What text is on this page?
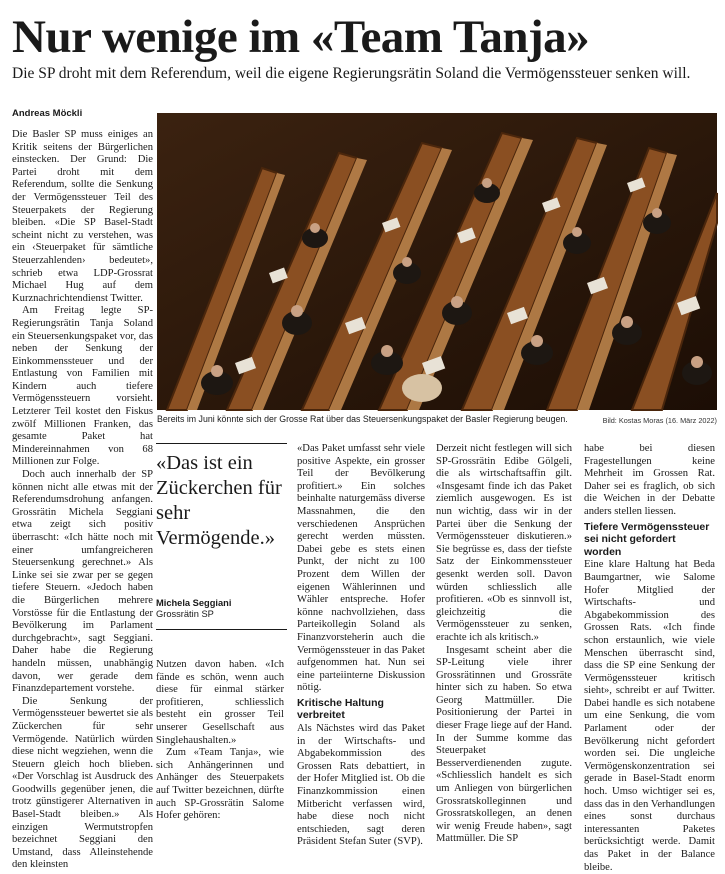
Nur wenige im «Team Tanja»
Die SP droht mit dem Referendum, weil die eigene Regierungsrätin Soland die Vermögenssteuer senken will.
Andreas Möckli

Die Basler SP muss einiges an Kritik seitens der Bürgerlichen einstecken. Der Grund: Die Partei droht mit dem Referendum, sollte die Senkung der Vermögenssteuer Teil des Steuerpakets der Regierung bleiben. «Die SP Basel-Stadt scheint nicht zu verstehen, was ein ‹Steuerpaket für sämtliche Steuerzahlenden› bedeutet», schrieb etwa LDP-Grossrat Michael Hug auf dem Kurznachrichtendienst Twitter.

Am Freitag legte SP-Regierungsrätin Tanja Soland ein Steuersenkungspaket vor, das neben der Senkung der Einkommenssteuer und der Entlastung von Familien mit Kindern auch tiefere Vermögenssteuern vorsieht. Letzterer Teil kostet den Fiskus zwölf Millionen Franken, das gesamte Paket hat Mindereinnahmen von 68 Millionen zur Folge.

Doch auch innerhalb der SP können nicht alle etwas mit der Referendumsdrohung anfangen. Grossrätin Michela Seggiani etwa zeigt sich positiv überrascht: «Ich hätte noch mit einer umfangreicheren Steuersenkung gerechnet.» Als Linke sei sie zwar per se gegen tiefere Steuern. «Jedoch haben die Bürgerlichen mehrere Vorstösse für die Entlastung der Bevölkerung im Parlament durchgebracht», sagt Seggiani. Daher habe die Regierung handeln müssen, unabhängig davon, wer gerade dem Finanzdepartement vorstehe.

Die Senkung der Vermögenssteuer bewertet sie als Zückerchen für sehr Vermögende. Natürlich würden diese nicht wegziehen, wenn die Steuern gleich hoch blieben. «Der Vorschlag ist Ausdruck des Goodwills gegenüber jenen, die trotz günstigerer Alternativen in Basel-Stadt bleiben.» Als einzigen Wermutstropfen bezeichnet Seggiani den Umstand, dass Alleinstehende den kleinsten

Bereits im Juni könnte sich der Grosse Rat über das Steuersenkungspaket der Basler Regierung beugen.	Bild: Kostas Moras (16. März 2022)
«Das ist ein Zückerchen für sehr Vermögende.»
Michela Seggiani
Grossrätin SP

Nutzen davon haben. «Ich fände es schön, wenn auch diese für einmal stärker profitieren, schliesslich besteht ein grosser Teil unserer Gesellschaft aus Singlehaushalten.»

Zum «Team Tanja», wie sich Anhängerinnen und Anhänger des Steuerpakets auf Twitter bezeichnen, dürfte auch SP-Grossrätin Salome Hofer gehören:

«Das Paket umfasst sehr viele positive Aspekte, ein grosser Teil der Bevölkerung profitiert.» Ein solches beinhalte naturgemäss diverse Massnahmen, die den verschiedenen Ansprüchen gerecht werden müssten. Dabei gebe es stets einen Punkt, der nicht zu 100 Prozent dem Willen der eigenen Wählerinnen und Wähler entspreche. Hofer könne nachvollziehen, dass Parteikollegin Soland als Finanzvorsteherin auch die Vermögenssteuer in das Paket aufgenommen hat. Nun sei eine parteiinterne Diskussion nötig.

Kritische Haltung verbreitet

Als Nächstes wird das Paket in der Wirtschafts- und Abgabekommission des Grossen Rats debattiert, in der Hofer Mitglied ist. Ob die Finanzkommission einen Mitbericht verfassen wird, habe diese noch nicht entschieden, sagt deren Präsident Stefan Suter (SVP).

Derzeit nicht festlegen will sich SP-Grossrätin Edibe Gölgeli, die als wirtschaftsaffin gilt. «Insgesamt finde ich das Paket ziemlich ausgewogen. Es ist nun wichtig, dass wir in der Partei über die Senkung der Vermögenssteuer diskutieren.» Sie begrüsse es, dass der tiefste Satz der Einkommenssteuer gesenkt werden soll. Davon würden schliesslich alle profitieren. «Ob es sinnvoll ist, gleichzeitig die Vermögenssteuer zu senken, erachte ich als kritisch.»

Insgesamt scheint aber die SP-Leitung viele ihrer Grossrätinnen und Grossräte hinter sich zu haben. So etwa Georg Mattmüller. Die Positionierung der Partei in dieser Frage liege auf der Hand. In der Summe komme das Steuerpaket Besserverdienenden zugute. «Schliesslich handelt es sich um Anliegen von bürgerlichen Grossratskolleginnen und Grossratskollegen, an denen wir wenig Freude haben», sagt Mattmüller. Die SP

habe bei diesen Fragestellungen keine Mehrheit im Grossen Rat. Daher sei es fraglich, ob sich die Weichen in der Debatte anders stellen liessen.

Tiefere Vermögenssteuer sei nicht gefordert worden

Eine klare Haltung hat Beda Baumgartner, wie Salome Hofer Mitglied der Wirtschafts- und Abgabekommission des Grossen Rats. «Ich finde schon erstaunlich, wie viele Menschen überrascht sind, dass die SP eine Senkung der Vermögenssteuer kritisch sieht», schreibt er auf Twitter. Dabei handle es sich notabene um eine Senkung, die vom Parlament oder der Bevölkerung nicht gefordert worden sei. Die ungleiche Vermögenskonzentration sei gerade in Basel-Stadt enorm hoch. Umso wichtiger sei es, dass das in den Verhandlungen eines sonst durchaus interessanten Paketes berücksichtigt werde. Damit das Paket in der Balance bleibe.
